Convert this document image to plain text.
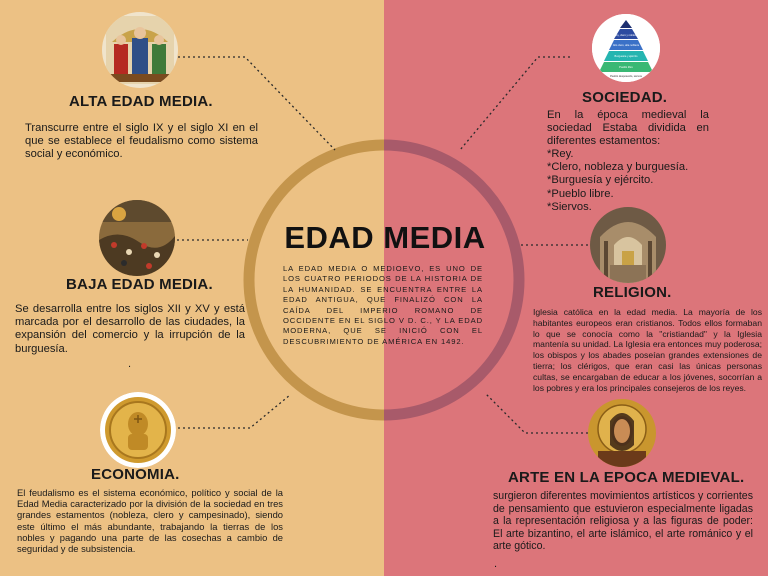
ALTA EDAD MEDIA.
Transcurre entre el siglo IX y el siglo XI en el que se establece el feudalismo como sistema social y económico.
BAJA EDAD MEDIA.
Se desarrolla entre los siglos XII y XV y está marcada por el desarrollo de las ciudades, la expansión del comercio y la irrupción de la burguesía.
.
ECONOMIA.
El feudalismo es el sistema económico, político y social de la Edad Media caracterizado por la división de la sociedad en tres grandes estamentos (nobleza, clero y campesinado), siendo este último el más abundante, trabajando la tierras de los nobles y pagando una parte de las cosechas a cambio de seguridad y de subsistencia.
EDAD MEDIA
LA EDAD MEDIA O MEDIOEVO, ES UNO DE LOS CUATRO PERIODOS DE LA HISTORIA DE LA HUMANIDAD. SE ENCUENTRA ENTRE LA EDAD ANTIGUA, QUE FINALIZÓ CON LA CAÍDA DEL IMPERIO ROMANO DE OCCIDENTE EN EL SIGLO V D. C., Y LA EDAD MODERNA, QUE SE INICIÓ CON EL DESCUBRIMIENTO DE AMÉRICA EN 1492.
Rey, clero y nobleza
Alto clero, alta nobleza
Burguesía y ejército
Pueblo libre
Pueblo desposeído, siervos
SOCIEDAD.
En la época medieval la sociedad Estaba dividida en diferentes estamentos:
*Rey.
*Clero, nobleza y burguesía.
*Burguesía y ejército.
*Pueblo libre.
*Siervos.
RELIGION.
Iglesia católica en la edad media. La mayoría de los habitantes europeos eran cristianos. Todos ellos formaban lo que se conocía como la "cristiandad" y la Iglesia mantenía su unidad. La Iglesia era entonces muy poderosa; los obispos y los abades poseían grandes extensiones de tierra; los clérigos, que eran casi las únicas personas cultas, se encargaban de educar a los jóvenes, socorrían a los pobres y era los principales consejeros de los reyes.
ARTE EN LA EPOCA MEDIEVAL.
surgieron diferentes movimientos artísticos y corrientes de pensamiento que estuvieron especialmente ligadas a la representación religiosa y a las figuras de poder: El arte bizantino, el arte islámico, el arte románico y el arte gótico.
.
